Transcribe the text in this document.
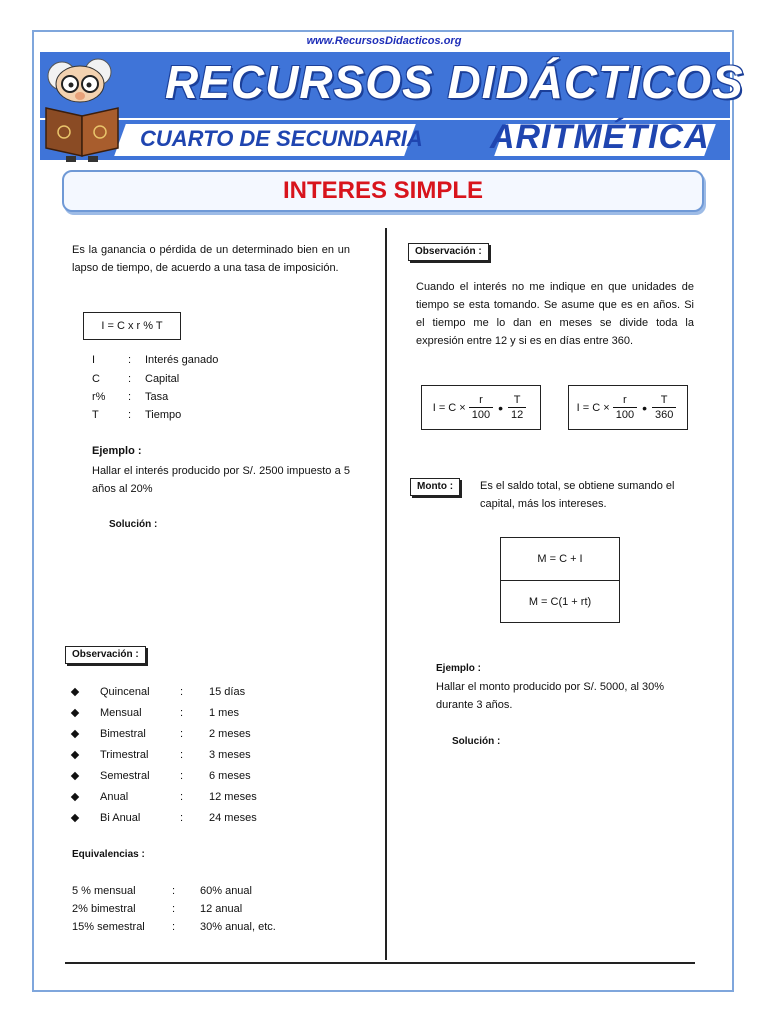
www.RecursosDidacticos.org
RECURSOS DIDÁCTICOS
CUARTO DE SECUNDARIA ARITMÉTICA
INTERES SIMPLE
Es la ganancia o pérdida de un determinado bien en un lapso de tiempo, de acuerdo a una tasa de imposición.
I = C x r % T
I	: Interés ganado
C	: Capital
r% : Tasa
T	: Tiempo
Ejemplo :
Hallar el interés producido por S/. 2500 impuesto a 5 años al 20%
Solución :
Observación :
Quincenal	: 15 días
Mensual	: 1 mes
Bimestral	: 2 meses
Trimestral	: 3 meses
Semestral	: 6 meses
Anual	: 12 meses
Bi Anual	: 24 meses
Equivalencias :
5 % mensual	: 60% anual
2% bimestral	: 12 anual
15% semestral : 30% anual, etc.
Observación :
Cuando el interés no me indique en que unidades de tiempo se esta tomando. Se asume que es en años. Si el tiempo me lo dan en meses se divide toda la expresión entre 12 y si es en días entre 360.
$I = C \times \frac{r}{100}$ • $\frac{T}{12}$	$I = C \times \frac{r}{100}$ • $\frac{T}{360}$
Monto :	Es el saldo total, se obtiene sumando el capital, más los intereses.
M = C + I
M = C(1 + rt)
Ejemplo :
Hallar el monto producido por S/. 5000, al 30% durante 3 años.
Solución :
